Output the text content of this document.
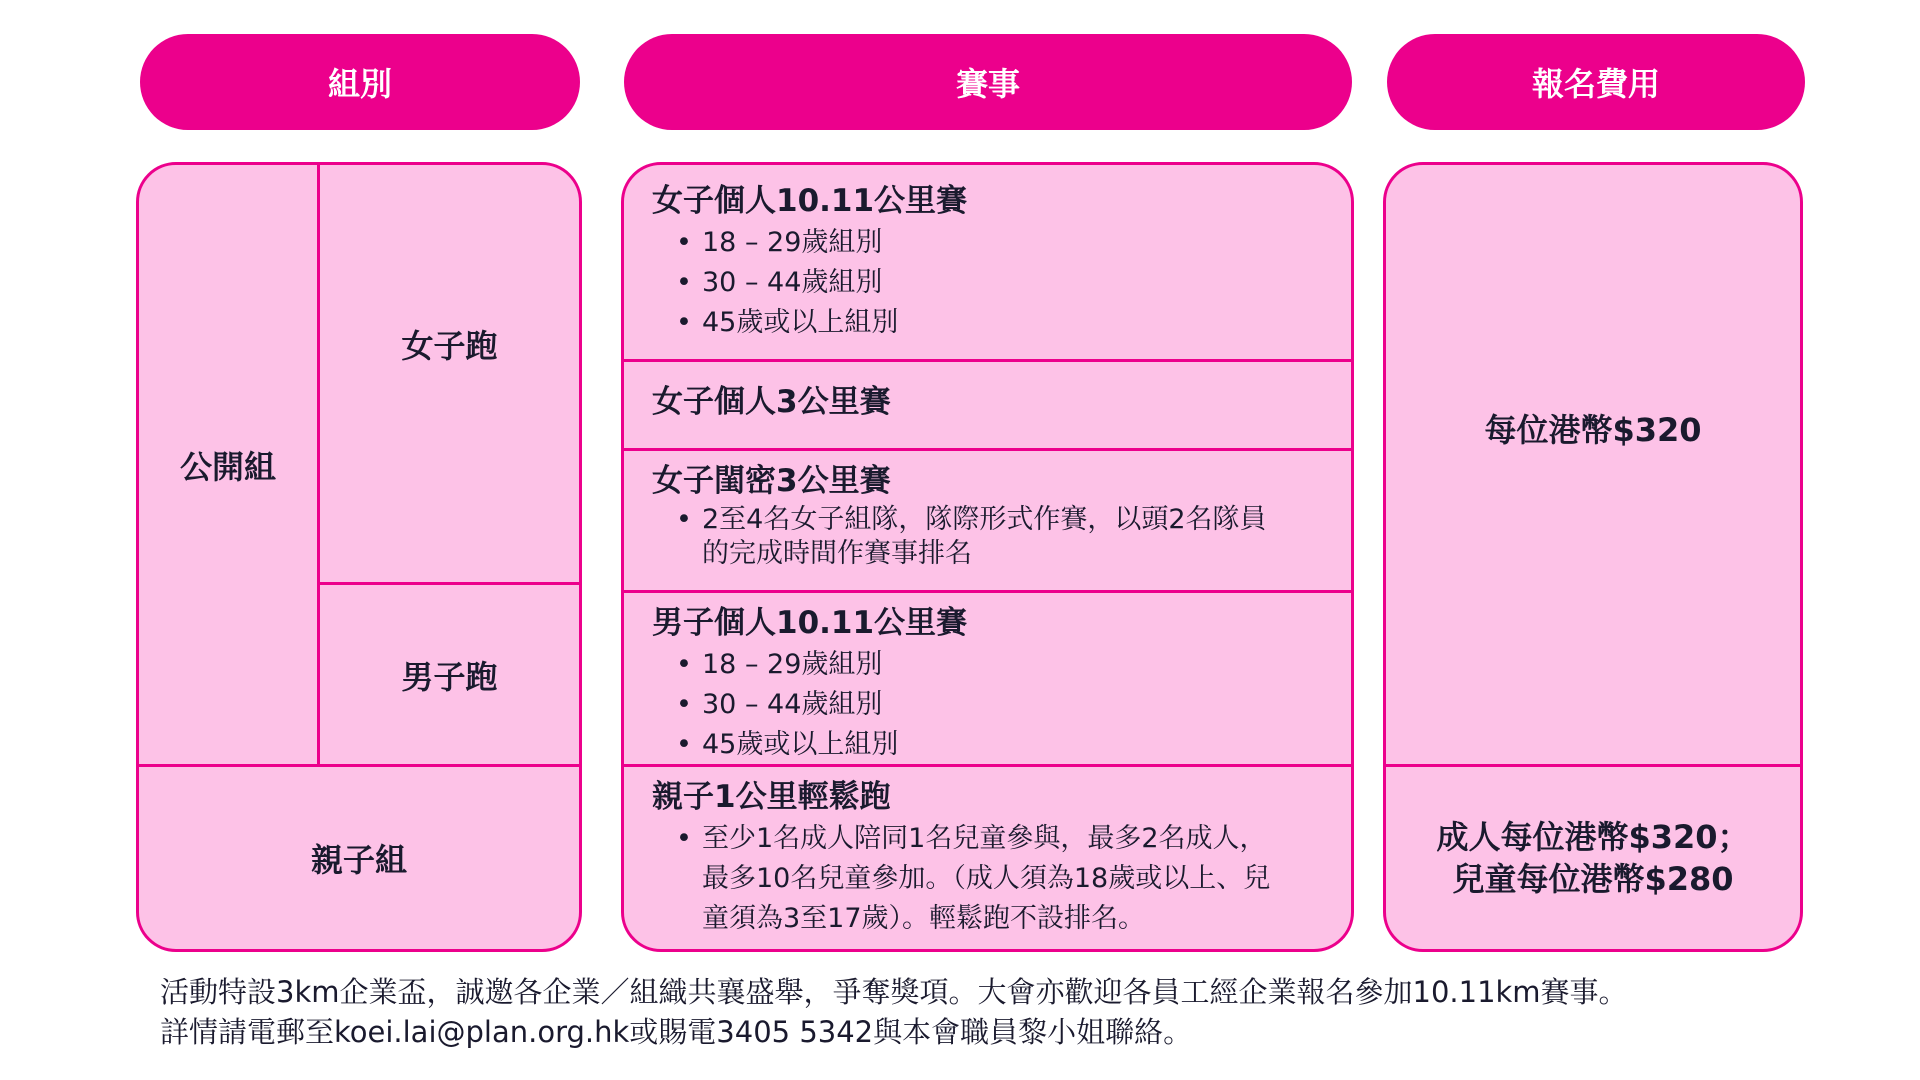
組別	賽事	報名費用
公開組
女子跑
男子跑
親子組
女子個人10.11公里賽
• 18 – 29歲組別
• 30 – 44歲組別
• 45歲或以上組別
女子個人3公里賽
女子閨密3公里賽
• 2至4名女子組隊，隊際形式作賽，以頭2名隊員的完成時間作賽事排名
男子個人10.11公里賽
• 18 – 29歲組別
• 30 – 44歲組別
• 45歲或以上組別
親子1公里輕鬆跑
• 至少1名成人陪同1名兒童參與，最多2名成人，最多10名兒童參加。（成人須為18歲或以上、兒童須為3至17歲）。輕鬆跑不設排名。
每位港幣$320
成人每位港幣$320；
兒童每位港幣$280
活動特設3km企業盃，誠邀各企業／組織共襄盛舉，爭奪獎項。大會亦歡迎各員工經企業報名參加10.11km賽事。
詳情請電郵至koei.lai@plan.org.hk或賜電3405 5342與本會職員黎小姐聯絡。
